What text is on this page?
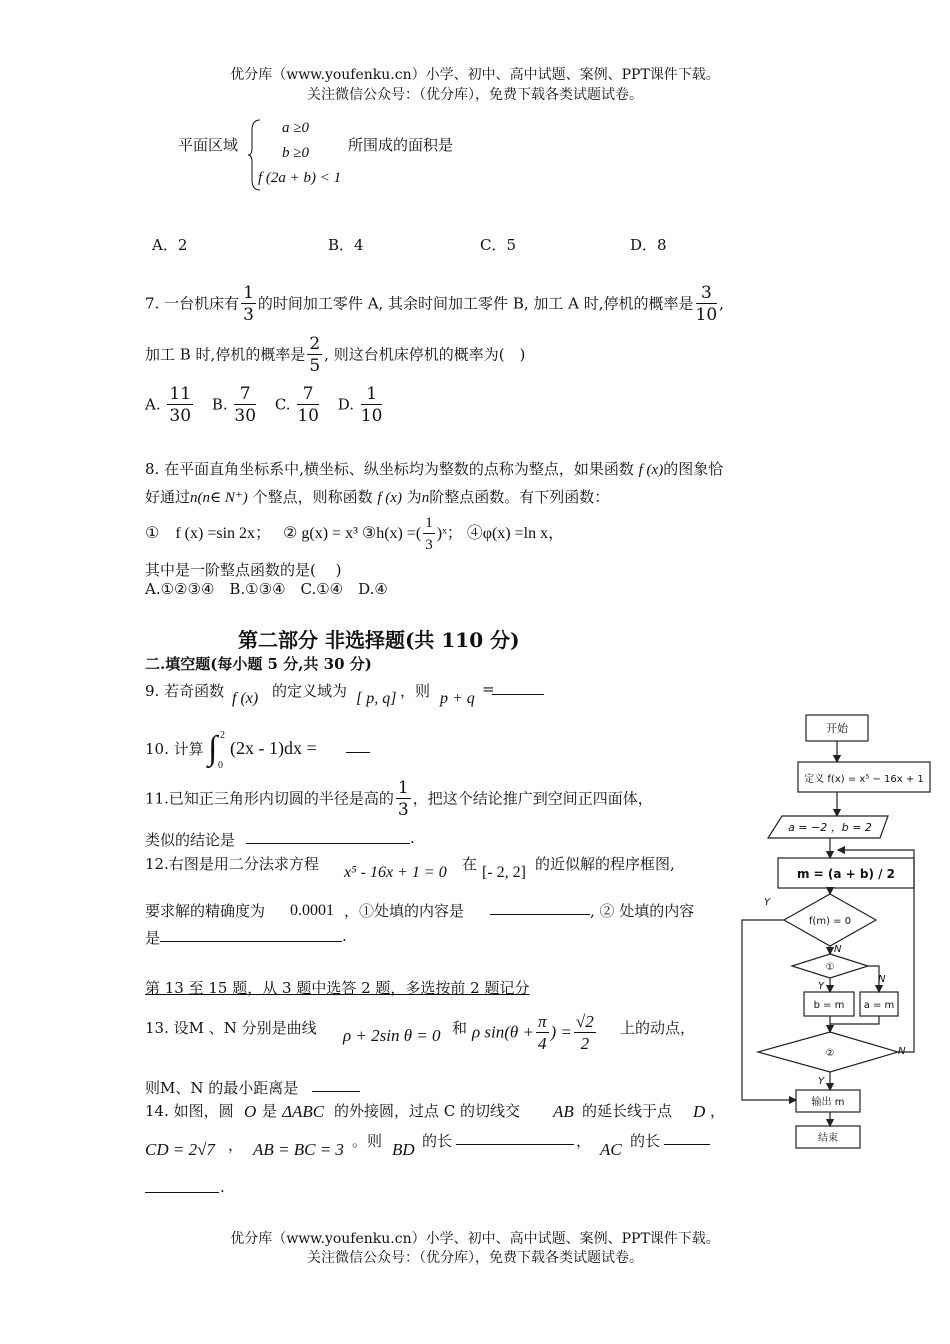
优分库（www.youfenku.cn）小学、初中、高中试题、案例、PPT课件下载。
关注微信公众号：（优分库），免费下载各类试题试卷。
平面区域
a ≥0
b ≥0
f (2a + b) < 1
所围成的面积是
A．2	B．4	C．5	D．8
7. 一台机床有 $\frac{1}{3}$ 的时间加工零件 A, 其余时间加工零件 B, 加工 A 时,停机的概率是 $\frac{3}{10}$ ,
加工 B 时,停机的概率是 $\frac{2}{5}$ , 则这台机床停机的概率为(　)
A. $\frac{11}{30} B$. $\frac{7}{30} C$. $\frac{7}{10} D$. $\frac{1}{10}$
8. 在平面直角坐标系中,横坐标、纵坐标均为整数的点称为整点，如果函数 f (x)的图象恰
好通过n(n∈ N⁺) 个整点，则称函数 f (x) 为n阶整点函数。有下列函数：
①　f (x) =sin 2x；　 ② g(x) = x³ ③h(x) =( $\frac{1}{3}$ )ˣ； ④φ(x) =ln x，
其中是一阶整点函数的是(　 )
A.①②③④　B.①③④　C.①④　D.④
第二部分 非选择题(共 110 分)
二.填空题(每小题 5 分,共 30 分)
9. 若奇函数 f (x) 的定义域为 [ p, q] ，则 p + q
=
10. 计算 ∫ 2
0
(2x - 1)dx =
11.已知正三角形内切圆的半径是高的 $\frac{1}{3}$ ，把这个结论推广到空间正四面体，
类似的结论是	.
12.右图是用二分法求方程 x⁵ - 16x + 1 = 0 在 [- 2, 2] 的近似解的程序框图,
要求解的精确度为 0.0001 ，①处填的内容是	, ② 处填的内容
是	.
第 13 至 15 题，从 3 题中选答 2 题，多选按前 2 题记分
13. 设M 、N 分别是曲线 ρ + 2sin θ = 0 和 ρ $\sin(\theta + \frac{\pi}{4}$ ) = $\frac{√2}{2}$ 上的动点，
则M、N 的最小距离是
14. 如图，圆 O 是 ΔABC 的外接圆，过点 C 的切线交 AB 的延长线于点 D ，
CD = 2√7 ， AB = BC = 3 。则 BD 的长	， AC 的长
.
开始
定义 f(x) = x⁵ − 16x + 1
a = −2 ，b = 2
m = (a + b) / 2
f(m) = 0
①
b = m a = m
②
输出 m
结束
Y
N
Y
N
N
Y
优分库（www.youfenku.cn）小学、初中、高中试题、案例、PPT课件下载。
关注微信公众号：（优分库），免费下载各类试题试卷。
